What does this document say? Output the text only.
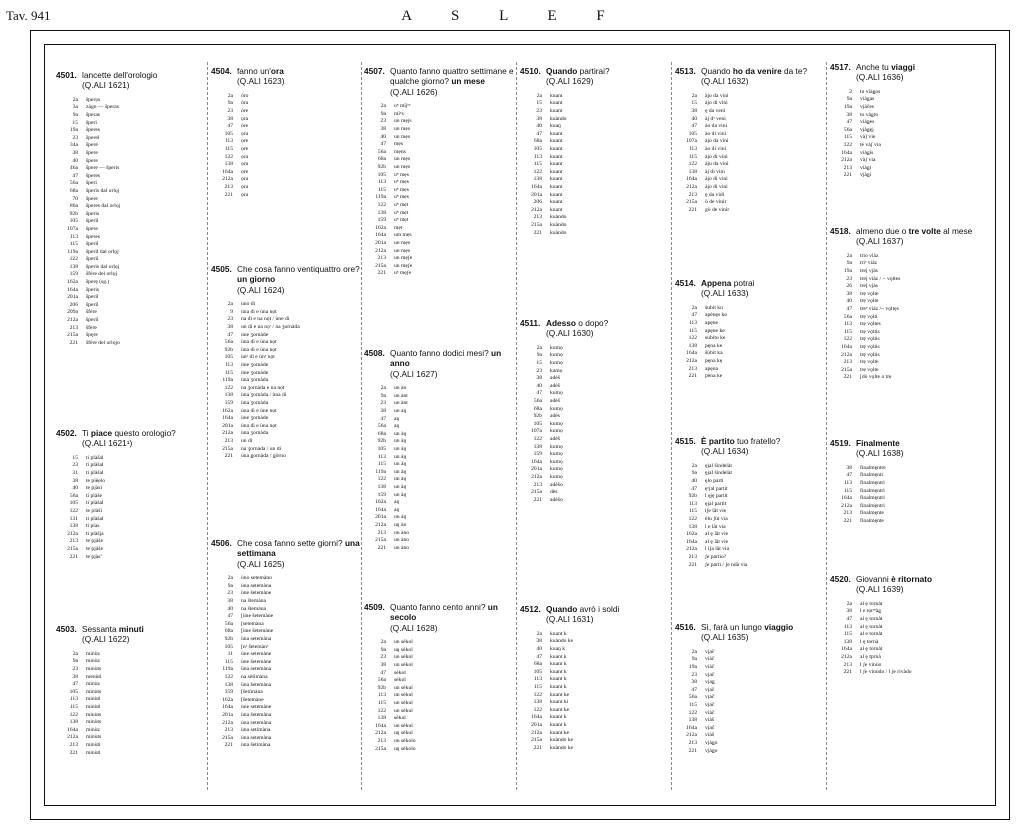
Tav. 941	A S L E F
4501. lancette dell'orologio
(Q.ALI 1621)
2a	šperọ̀s
3a	zàgn — šperas
9a	šperas
15	šperi
19a	šperes
23	šperel
34a	šperé
38	špere
40	špere
46a	špere — šperis
47	šperes
56a	šperi
68a	šperis dal orlọ̀j
70	špere
80a	šperes dal orlọ̀j
92b	šperis
105	šperil
107a	špere
113	šperes
115	šperil
119a	šperil dal orlọ̀j
122	šperil
138	šperis dal orlọ̀j
159	šfère del orlọ̀j
162a	šperę (sg.)
164a	šperis
201a	šperil
206	šperil
209a	šfère
212a	šperil
213	šfère
215a	špęre
221	šfère del orlọ̀jo
4502. Ti piace questo orologio?
(Q.ALI 1621¹)
15	ti plàšal
23	ti plàšal
31	ti plàšal
38	te piè̯elo
40	te pjàsi
56a	ti plàše
105	ti plàšal
122	te plàši
131	ti plàšal
138	ti plas
212a	ti plàšja
213	te pjàše
215a	te pjàše
221	te pjàsⁱ
4503. Sessanta minuti
(Q.ALI 1622)
2a	minùz
9a	minùz
23	minùts
38	menùti
47	minùz
105	minùts
113	minùti
115	minùti
122	minùts
138	minùts
164a	minùz
212a	minùts
213	minùti
221	minùti
4504. fanno un'ora
(Q.ALI 1623)
2a	òro
9a	òra
23	òre
38	ọra
47	òre
105	ọra
113	ọre
115	ọre
122	ọra
138	ọra
164a	ọre
212a	ọra
213	ọra
221	ọra
4505. Che cosa fanno ventiquattro ore? un giorno
(Q.ALI 1624)
2a	ùno dì
9	ùna dì e ùna nọt
23	na dì e na nọt / ùne di
38	un dì e na nọ̀ᵗ / na ʒornàda
47	ùne ʒornàde
56a	ùna dì e ùna nọt
92b	ùna dì e ùna nọt
105	ùnᵃ dì e ùnᵃ nọt
113	ùne ʒornàde
115	ùne ʒornàde
119a	ùna ʒornàda
122	na ʒornàda e na nọt
138	ùna ʒornàda / ùna di
159	ùna ʒornàda
162a	ùna dì e ùne nọt
164a	ùne ʒornàde
201a	ùna dì e ùna nọt
212a	ùna ʒornàda
213	un dì
215a	na ʒornàda / un di
221	ùna ǥornàda / ǥòrno
4506. Che cosa fanno sette giorni? una settimana
(Q.ALI 1625)
2a	ùno setemàno
9a	ùna setemàna
23	ùne šetemàne
38	na štemàna
40	na štemàna
47	[ùne šetemàne
56a	[setemàna
68a	[ùne šetemàne
92b	ùna setemàna
105	[nᵃ šetemànᵃ
11	ùne setemàne
115	ùne šetemàne
119a	ùna setemàna
122	na sètimàna
138	ùna šetemàna
159	[šetimàna
162a	[šetemàne
164a	ùne setemàne
201a	ùna šetemàna
212a	ùna setemàna
213	ùna setimàna
215a	ùna setemàna
221	ùna šetimàna
4507. Quanto fanno quattro settimane e qualche giorno? un mese
(Q.ALI 1626)
2a	uⁿ mïjᵉʸ
9a	mïʸs
23	un mẹ̀js
38	un mẹ̀s
40	un mẹ̀s
47	mẹ̀s
56a	mẹns
68a	un mẹ̀s
92b	un mẹ̀s
105	uⁿ mẹ̀s
113	uⁿ mẹ̀s
115	uⁿ mẹ̀s
119a	uⁿ mẹ̀s
122	uⁿ mẹ̀t
138	uⁿ mẹ̀t
159	uⁿ mẹ̀t
162a	mẹ̀t
164a	um mẹ̀s
201a	un mẹ̀s
212a	un mẹ̀s
213	un mẹ̀ʃe
215a	un mẹ̀ʃe
221	uⁿ mẹ̀ʃe
4508. Quanto fanno dodici mesi? un anno
(Q.ALI 1627)
2a	un àn
9a	un ànt
23	un ànt
38	un aŋ
47	aŋ
56a	aŋ
68a	un àŋ
92b	un àŋ
105	un àŋ
113	un àŋ
115	un àŋ
119a	un àŋ
122	un àŋ
138	un àŋ
159	un àŋ
162a	aŋ
164a	aŋ
201a	un àŋ
212a	uŋ àn
213	un àno
215a	un àno
221	un àno
4509. Quanto fanno cento anni? un secolo
(Q.ALI 1628)
2a	un sèkol
9a	uŋ sèkol
23	un sèkol
38	un sèkol
47	sèkol
56a	sèkul
92b	un sèkul
113	un sèkul
115	un sèkul
122	un sèkul
138	sèkul
164a	un sèkul
212a	uŋ sèkul
213	un sèkolo
215a	uŋ sèkolo
4510. Quando partirai?
(Q.ALI 1629)
2a	kuant
15	kuant
23	kuant
38	kuàndo
40	kuaŋ
47	kuant
68a	kuant
105	kuant
113	kuant
115	kuant
122	kuant
138	kuant
164a	kuant
201a	kuant
206	kuant
212a	kuant
213	kuàndo
215a	kuàndo
221	kuàndo
4511. Adesso o dopo?
(Q.ALI 1630)
2a	kumọ̀
9a	kumọ̀
15	kumọ̀
23	kamọ̀
38	adèš
40	adèš
47	kumọ̀
56a	adèš
68a	kumọ̀
92b	adès
105	kumọ̀
107a	kumọ̀
122	adèš
138	kumọ̀
159	kumọ̀
164a	kumọ̀
201a	kumọ̀
212a	kumọ̀
213	adèšo
215a	dès
221	adèšo
4512. Quando avrò i soldi
(Q.ALI 1631)
2a	kuant k
38	kuàndo ke
40	kuaŋ k
47	kuant k
68a	kuant k
105	kuant k
113	kuant k
115	kuant k
122	kuant ke
138	kuant ki
122	kuant ke
164a	kuant k
201a	kuant k
212a	kuant ke
215a	kuàndo ke
221	kuàndo ke
4513. Quando ho da venire da te?
(Q.ALI 1632)
2a	àjo da vinì
15	àjo di vinì
38	ę da venì
40	àj dᵃ venì
47	ào da vinì
105	ào di vinì
107a	àjo da vinì
113	ào di vinì
115	àjo di vinì
122	àju da vinì
138	àj di vinì
164a	àjo di vinì
212a	àjo di vinì
213	ę da vidi
215a	ò de vinìr
221	gò de vinìr
4514. Appena potrai
(Q.ALI 1633)
2a	šubìt ku
47	apènęs ko
113	apęne
115	apęne ke
122	sùbito ke
138	pęna ke
164a	šùbit ka
212a	pęna kę
213	apęna
221	pèna ke
4515. È partito tuo fratello?
(Q.ALI 1634)
2a	ę̀jal šindelàt
9a	ę̀jal šindelàt
40	ę̀lo partì
47	ęᵉjal partìt
92b	l ę̀ję partìt
113	ę̀jal partìt
115	ìʃe lât vie
122	èlu ʃùt via
138	l e lât via
162a	al ę lât vie
164a	al ę lât vie
212a	l ìʃa lât via
213	ʃe partìo?
221	ʃe partì / ʃe ndà via
4516. Sì, farà un lungo viaggio
(Q.ALI 1635)
2a	vjač
9a	viàč
19a	viàč
23	vjač
38	vjaǥ
47	vjač
56a	vjač
115	vjač
122	viàč
138	viàš
164a	vjač
212a	viàš
213	vjàǥo
221	vjàǥo
4517. Anche tu viaggi
(Q.ALI 1636)
2	tu viàǥos
9a	viàǥas
19a	vjàčes
38	to vàǥto
47	viàǥes
56a	vjàǥęj
115	vàʃ vie
122	te vàʃ via
164a	viàǥis
212a	vàʃ via
213	viàǥi
221	vjàǥi
4518. almeno due o tre volte al mese
(Q.ALI 1637)
2a	trio viàz
9a	triᵉ viàz
19a	treį vjàs
23	treį viàz / ~ vǫltes
26	treį vjàs
38	trẹ vǫlte
40	trẹ vǫlte
47	treᵉ viàz /~ vǫltęs
56a	trẹ vǫlti
113	trẹ vǫltes
115	trẹ vǫltis
122	trẹ vǫltis
164a	trẹ vǫltis
212a	trẹ vǫltis
213	trẹ vǫlte
215a	trẹ vǫlte
221	[dò vǫlte o trẹ
4519. Finalmente
(Q.ALI 1638)
38	finalmę̀ntre
47	finalmę̀nti
113	finalmę̀ntri
115	finalmę̀ntri
164a	finalmę̀ntri
212a	finalmę̀ntri
213	finalmę̀nte
221	finalmę̀nte
4520. Giovanni è ritornato
(Q.ALI 1639)
2a	al ę tornàt
38	l e tọrᵐàǥ
47	al ę tornàt
113	al ę tornàt
115	al e tornàt
138	l ę tornà
164a	al ę tornàt
212a	al ę tprnà
213	l ʃe vinùo
221	l ʃe vinùdo / l ʃe rivàdo
